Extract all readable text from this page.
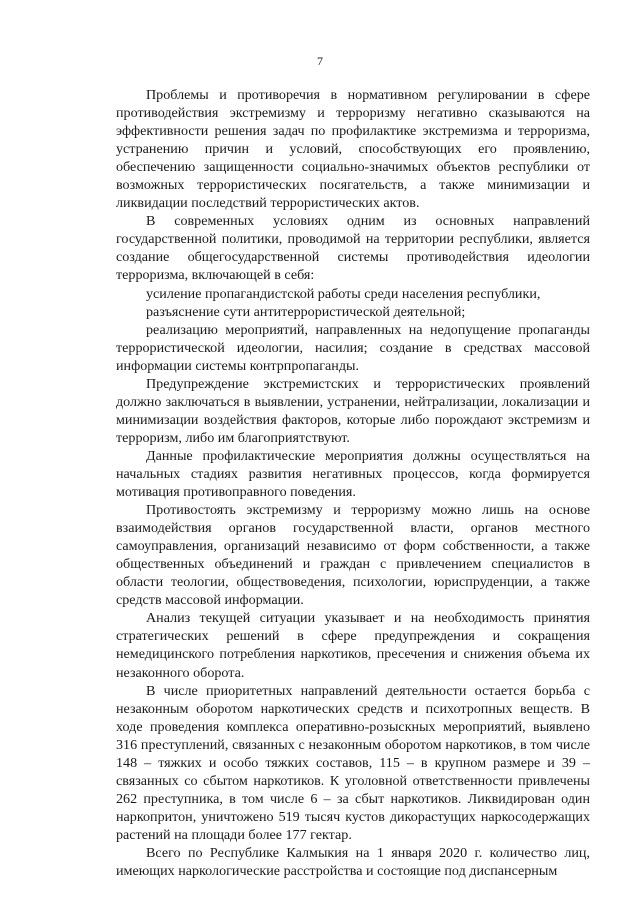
7

Проблемы и противоречия в нормативном регулировании в сфере противодействия экстремизму и терроризму негативно сказываются на эффективности решения задач по профилактике экстремизма и терроризма, устранению причин и условий, способствующих его проявлению, обеспечению защищенности социально-значимых объектов республики от возможных террористических посягательств, а также минимизации и ликвидации последствий террористических актов.

В современных условиях одним из основных направлений государственной политики, проводимой на территории республики, является создание общегосударственной системы противодействия идеологии терроризма, включающей в себя:

усиление пропагандистской работы среди населения республики,

разъяснение сути антитеррористической деятельной;

реализацию мероприятий, направленных на недопущение пропаганды террористической идеологии, насилия; создание в средствах массовой информации системы контрпропаганды.

Предупреждение экстремистских и террористических проявлений должно заключаться в выявлении, устранении, нейтрализации, локализации и минимизации воздействия факторов, которые либо порождают экстремизм и терроризм, либо им благоприятствуют.

Данные профилактические мероприятия должны осуществляться на начальных стадиях развития негативных процессов, когда формируется мотивация противоправного поведения.

Противостоять экстремизму и терроризму можно лишь на основе взаимодействия органов государственной власти, органов местного самоуправления, организаций независимо от форм собственности, а также общественных объединений и граждан с привлечением специалистов в области теологии, обществоведения, психологии, юриспруденции, а также средств массовой информации.

Анализ текущей ситуации указывает и на необходимость принятия стратегических решений в сфере предупреждения и сокращения немедицинского потребления наркотиков, пресечения и снижения объема их незаконного оборота.

В числе приоритетных направлений деятельности остается борьба с незаконным оборотом наркотических средств и психотропных веществ. В ходе проведения комплекса оперативно-розыскных мероприятий, выявлено 316 преступлений, связанных с незаконным оборотом наркотиков, в том числе 148 – тяжких и особо тяжких составов, 115 – в крупном размере и 39 – связанных со сбытом наркотиков. К уголовной ответственности привлечены 262 преступника, в том числе 6 – за сбыт наркотиков. Ликвидирован один наркопритон, уничтожено 519 тысяч кустов дикорастущих наркосодержащих растений на площади более 177 гектар.

Всего по Республике Калмыкия на 1 января 2020 г. количество лиц, имеющих наркологические расстройства и состоящие под диспансерным
